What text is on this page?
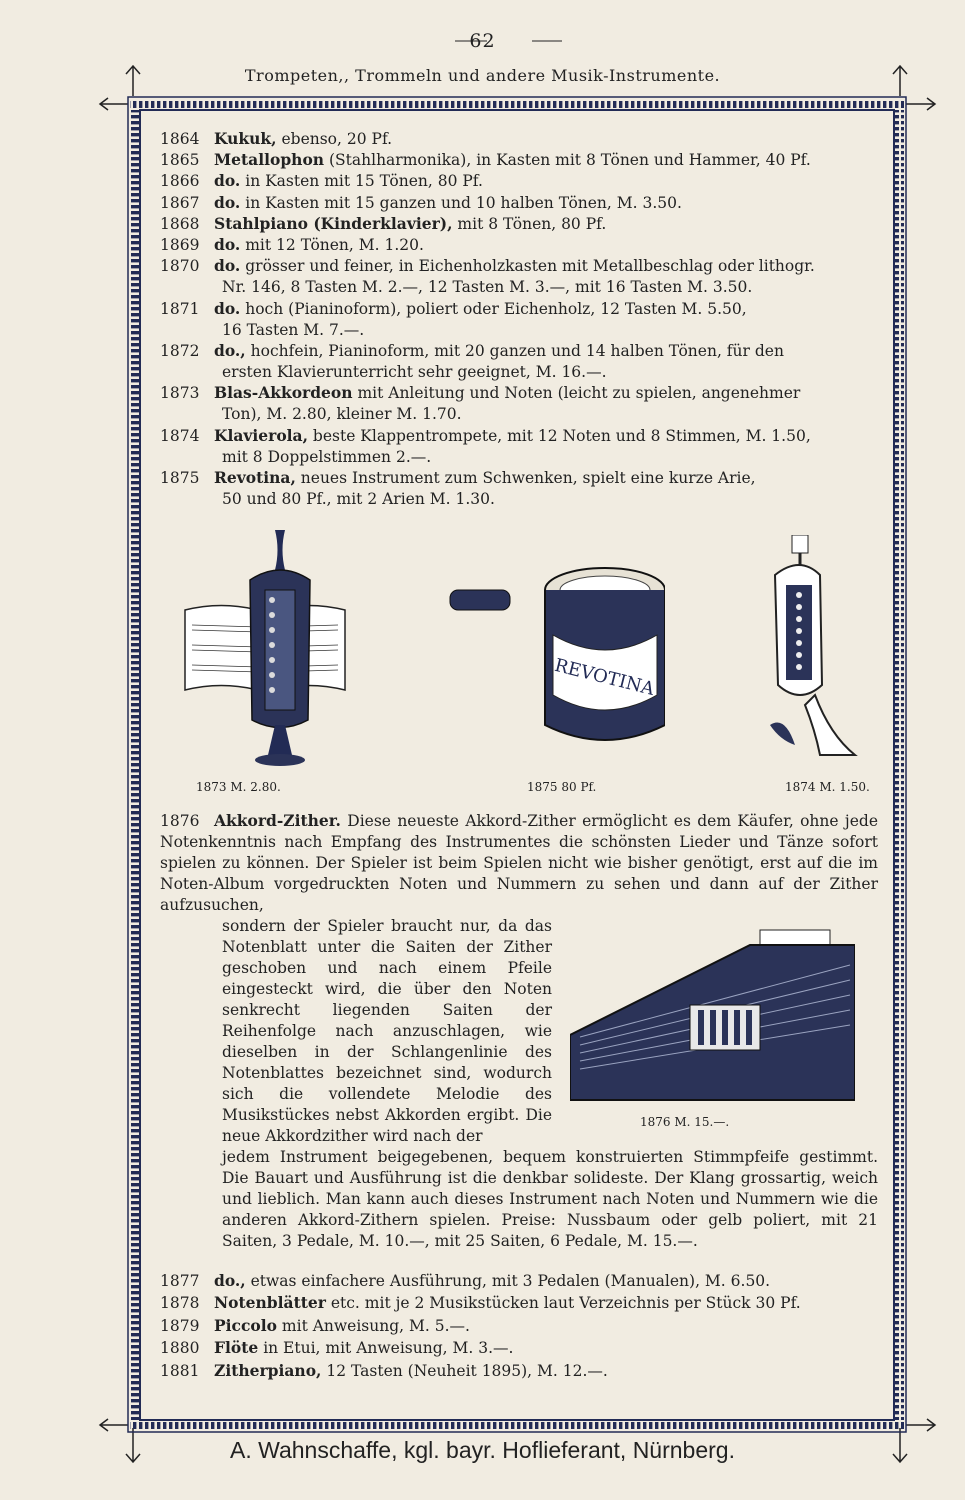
62
Trompeten,, Trommeln und andere Musik-Instrumente.
1864 Kukuk, ebenso, 20 Pf.
1865 Metallophon (Stahlharmonika), in Kasten mit 8 Tönen und Hammer, 40 Pf.
1866 do. in Kasten mit 15 Tönen, 80 Pf.
1867 do. in Kasten mit 15 ganzen und 10 halben Tönen, M. 3.50.
1868 Stahlpiano (Kinderklavier), mit 8 Tönen, 80 Pf.
1869 do. mit 12 Tönen, M. 1.20.
1870 do. grösser und feiner, in Eichenholzkasten mit Metallbeschlag oder lithogr.
Nr. 146, 8 Tasten M. 2.—, 12 Tasten M. 3.—, mit 16 Tasten M. 3.50.
1871 do. hoch (Pianinoform), poliert oder Eichenholz, 12 Tasten M. 5.50,
16 Tasten M. 7.—.
1872 do., hochfein, Pianinoform, mit 20 ganzen und 14 halben Tönen, für den
ersten Klavierunterricht sehr geeignet, M. 16.—.
1873 Blas-Akkordeon mit Anleitung und Noten (leicht zu spielen, angenehmer
Ton), M. 2.80, kleiner M. 1.70.
1874 Klavierola, beste Klappentrompete, mit 12 Noten und 8 Stimmen, M. 1.50,
mit 8 Doppelstimmen 2.—.
1875 Revotina, neues Instrument zum Schwenken, spielt eine kurze Arie,
50 und 80 Pf., mit 2 Arien M. 1.30.
REVOTINA
1873 M. 2.80.	1875 80 Pf.	1874 M. 1.50.
1876 Akkord-Zither. Diese neueste Akkord-Zither ermöglicht es dem Käufer, ohne jede Notenkenntnis nach Empfang des Instrumentes die schönsten Lieder und Tänze sofort spielen zu können. Der Spieler ist beim Spielen nicht wie bisher genötigt, erst auf die im Noten-Album vorgedruckten Noten und Nummern zu sehen und dann auf der Zither aufzusuchen,
sondern der Spieler braucht nur, da das Notenblatt unter die Saiten der Zither geschoben und nach einem Pfeile eingesteckt wird, die über den Noten senkrecht liegenden Saiten der Reihenfolge nach anzuschlagen, wie dieselben in der Schlangenlinie des Notenblattes bezeichnet sind, wodurch sich die vollendete Melodie des Musikstückes nebst Akkorden ergibt. Die neue Akkordzither wird nach der
1876 M. 15.—.
jedem Instrument beigegebenen, bequem konstruierten Stimmpfeife gestimmt. Die Bauart und Ausführung ist die denkbar solideste. Der Klang grossartig, weich und lieblich. Man kann auch dieses Instrument nach Noten und Nummern wie die anderen Akkord-Zithern spielen. Preise: Nussbaum oder gelb poliert, mit 21 Saiten, 3 Pedale, M. 10.—, mit 25 Saiten, 6 Pedale, M. 15.—.
1877 do., etwas einfachere Ausführung, mit 3 Pedalen (Manualen), M. 6.50.
1878 Notenblätter etc. mit je 2 Musikstücken laut Verzeichnis per Stück 30 Pf.
1879 Piccolo mit Anweisung, M. 5.—.
1880 Flöte in Etui, mit Anweisung, M. 3.—.
1881 Zitherpiano, 12 Tasten (Neuheit 1895), M. 12.—.
A. Wahnschaffe, kgl. bayr. Hoflieferant, Nürnberg.
